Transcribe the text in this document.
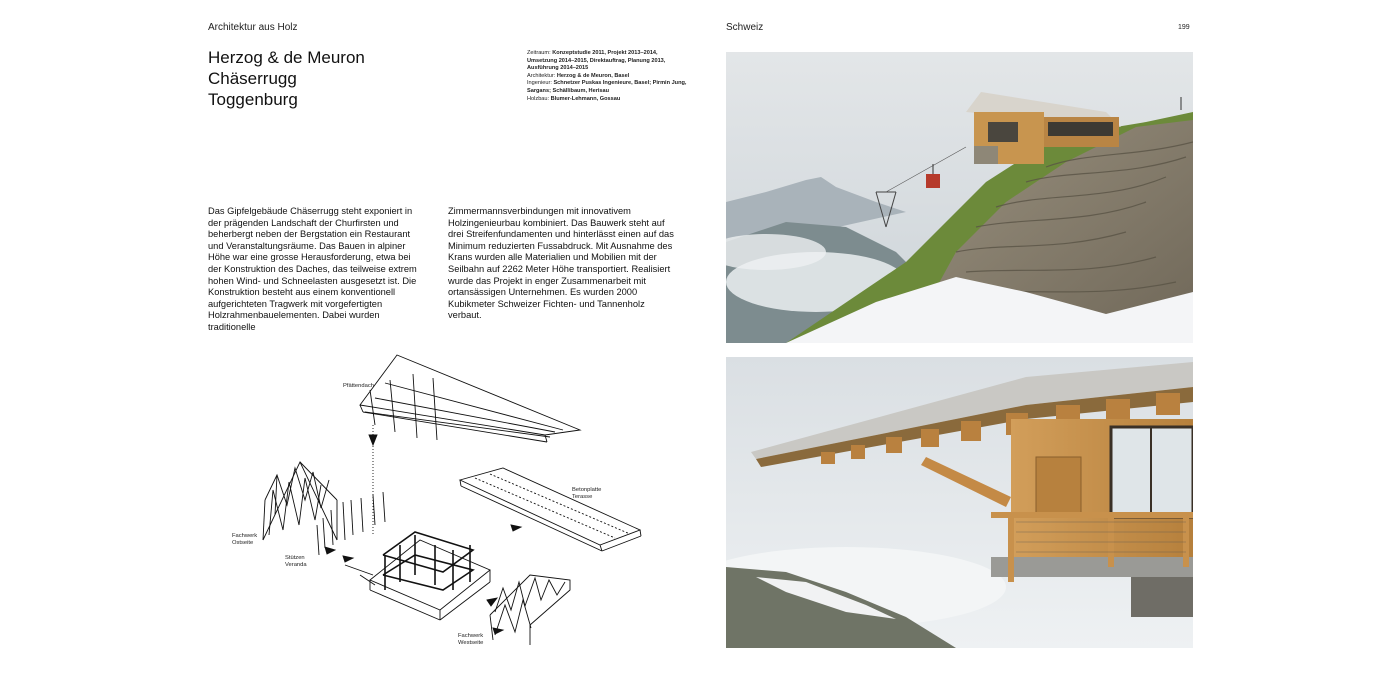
Architektur aus Holz	Schweiz	199
Herzog & de Meuron
Chäserrugg
Toggenburg
Zeitraum: Konzeptstudie 2011, Projekt 2013–2014, Umsetzung 2014–2015, Direktauftrag, Planung 2013, Ausführung 2014–2015
Architektur: Herzog & de Meuron, Basel
Ingenieur: Schnetzer Puskas Ingenieure, Basel; Pirmin Jung, Sargans; Schällibaum, Herisau
Holzbau: Blumer-Lehmann, Gossau
Das Gipfelgebäude Chäserrugg steht exponiert in der prägenden Landschaft der Churfirsten und beherbergt neben der Bergstation ein Restaurant und Veranstaltungsräume. Das Bauen in alpiner Höhe war eine grosse Herausforderung, etwa bei der Konstruktion des Daches, das teilweise extrem hohen Wind- und Schneelasten ausgesetzt ist. Die Konstruktion besteht aus einem konventionell aufgerichteten Tragwerk mit vorgefertigten Holzrahmenbauelementen. Dabei wurden traditionelle
Zimmermannsverbindungen mit innovativem Holzingenieurbau kombiniert. Das Bauwerk steht auf drei Streifenfundamenten und hinterlässt einen auf das Minimum reduzierten Fussabdruck. Mit Ausnahme des Krans wurden alle Materialien und Mobilien mit der Seilbahn auf 2262 Meter Höhe transportiert. Realisiert wurde das Projekt in enger Zusammenarbeit mit ortansässigen Unternehmen. Es wurden 2000 Kubikmeter Schweizer Fichten- und Tannenholz verbaut.
Pfättendach
Betonplatte
Terasse
Fachwerk
Ostseite
Stützen
Veranda
Fachwerk
Westseite
